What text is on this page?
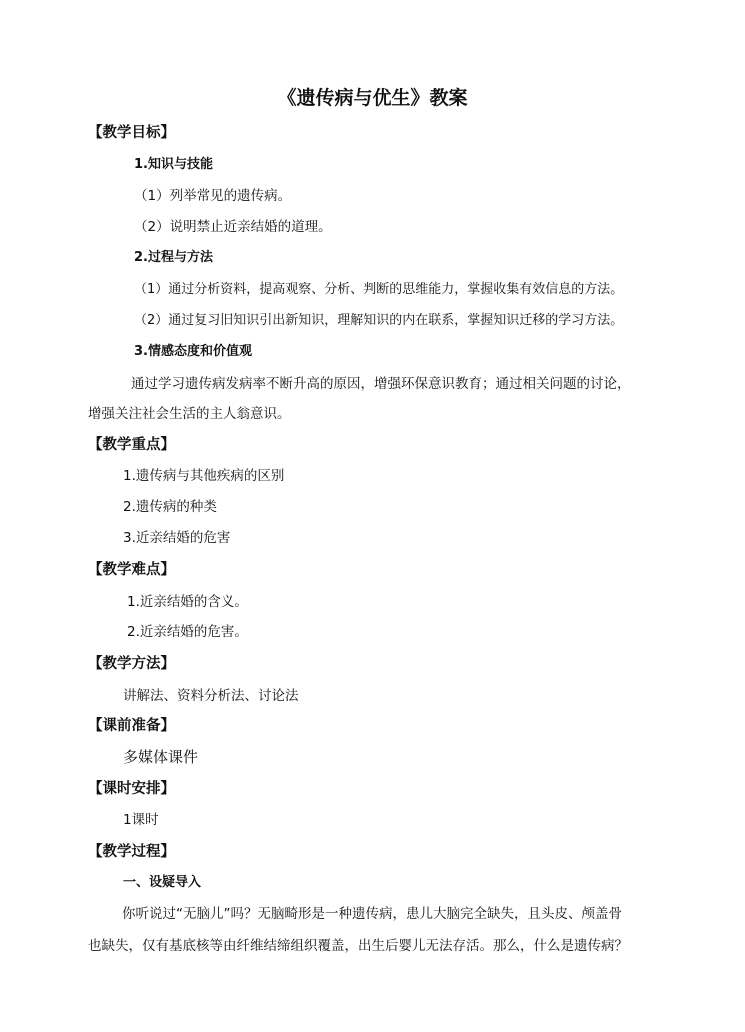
《遗传病与优生》教案
【教学目标】
1.知识与技能
（1）列举常见的遗传病。
（2）说明禁止近亲结婚的道理。
2.过程与方法
（1）通过分析资料，提高观察、分析、判断的思维能力，掌握收集有效信息的方法。
（2）通过复习旧知识引出新知识，理解知识的内在联系，掌握知识迁移的学习方法。
3.情感态度和价值观
通过学习遗传病发病率不断升高的原因，增强环保意识教育；通过相关问题的讨论，
增强关注社会生活的主人翁意识。
【教学重点】
1.遗传病与其他疾病的区别
2.遗传病的种类
3.近亲结婚的危害
【教学难点】
1.近亲结婚的含义。
2.近亲结婚的危害。
【教学方法】
讲解法、资料分析法、讨论法
【课前准备】
多媒体课件
【课时安排】
1课时
【教学过程】
一、设疑导入
你听说过“无脑儿”吗？无脑畸形是一种遗传病，患儿大脑完全缺失，且头皮、颅盖骨
也缺失，仅有基底核等由纤维结缔组织覆盖，出生后婴儿无法存活。那么，什么是遗传病？
